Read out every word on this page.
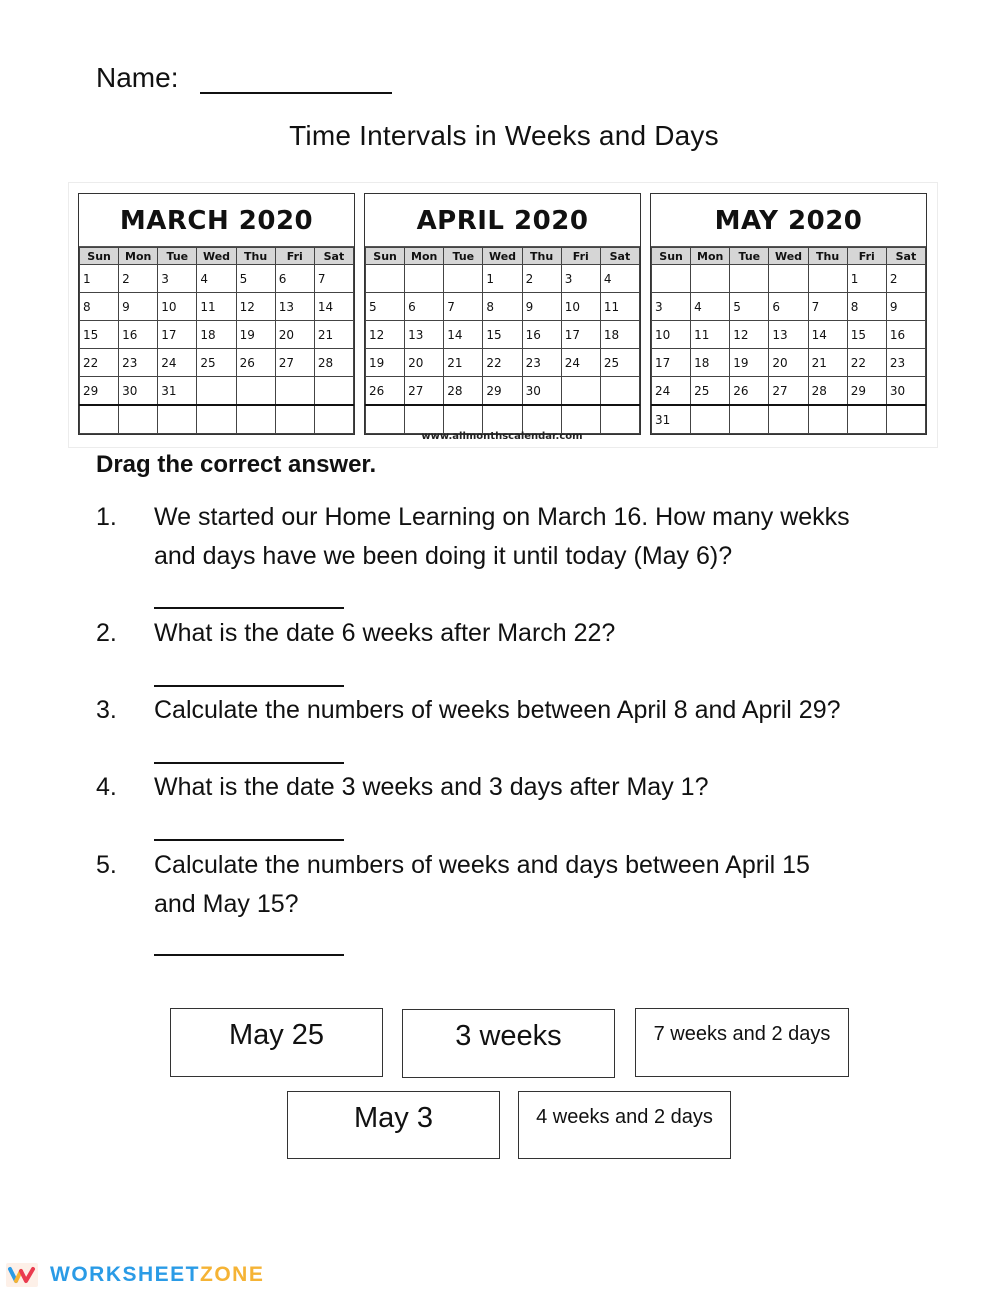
Name:
Time Intervals in Weeks and Days
MARCH 2020
Sun	Mon	Tue	Wed	Thu	Fri	Sat
1	2	3	4	5	6	7
8	9	10	11	12	13	14
15	16	17	18	19	20	21
22	23	24	25	26	27	28
29	30	31				

APRIL 2020
Sun	Mon	Tue	Wed	Thu	Fri	Sat
			1	2	3	4
5	6	7	8	9	10	11
12	13	14	15	16	17	18
19	20	21	22	23	24	25
26	27	28	29	30		

MAY 2020
Sun	Mon	Tue	Wed	Thu	Fri	Sat
					1	2
3	4	5	6	7	8	9
10	11	12	13	14	15	16
17	18	19	20	21	22	23
24	25	26	27	28	29	30
31						
www.allmonthscalendar.com
Drag the correct answer.
1. We started our Home Learning on March 16. How many wekks
and days have we been doing it until today (May 6)?
2. What is the date 6 weeks after March 22?
3. Calculate the numbers of weeks between April 8 and April 29?
4. What is the date 3 weeks and 3 days after May 1?
5. Calculate the numbers of weeks and days between April 15
and May 15?
May 25	3 weeks	7 weeks and 2 days
May 3	4 weeks and 2 days
WORKSHEETZONE
